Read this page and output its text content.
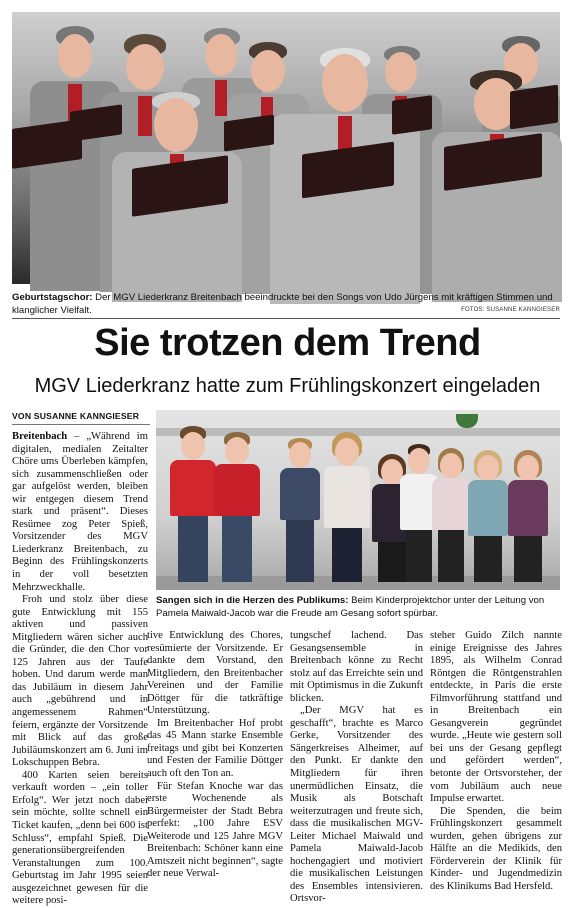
Geburtstagschor: Der MGV Liederkranz Breitenbach beeindruckte bei den Songs von Udo Jürgens mit kräftigen Stimmen und klanglicher Vielfalt.	FOTOS: SUSANNE KANNGIESER
Sie trotzen dem Trend
MGV Liederkranz hatte zum Frühlingskonzert eingeladen
VON SUSANNE KANNGIESER
Sangen sich in die Herzen des Publikums: Beim Kinderprojektchor unter der Leitung von Pamela Maiwald-Jacob war die Freude am Gesang sofort spürbar.

Breitenbach – „Während im digitalen, medialen Zeitalter Chöre ums Überleben kämpfen, sich zusammenschließen oder gar aufgelöst werden, bleiben wir entgegen diesem Trend stark und präsent“. Dieses Resümee zog Peter Spieß, Vorsitzender des MGV Liederkranz Breitenbach, zu Beginn des Frühlingskonzerts in der voll besetzten Mehrzweckhalle.

Froh und stolz über diese gute Entwicklung mit 155 aktiven und passiven Mitgliedern wären sicher auch die Gründer, die den Chor vor 125 Jahren aus der Taufe hoben. Und darum werde man das Jubiläum in diesem Jahr auch „gebührend und in angemessenem Rahmen“ feiern, ergänzte der Vorsitzende mit Blick auf das große Jubiläumskonzert am 6. Juni im Lokschuppen Bebra.

400 Karten seien bereits verkauft worden – „ein toller Erfolg“. Wer jetzt noch dabei sein möchte, sollte schnell ein Ticket kaufen, „denn bei 600 ist Schluss“, empfahl Spieß. Die generationsübergreifenden Veranstaltungen zum 100. Geburtstag im Jahr 1995 seien ausgezeichnet gewesen für die weitere posi-

tive Entwicklung des Chores, resümierte der Vorsitzende. Er dankte dem Vorstand, den Mitgliedern, den Breitenbacher Vereinen und der Familie Döttger für die tatkräftige Unterstützung.

Im Breitenbacher Hof probt das 45 Mann starke Ensemble freitags und gibt bei Konzerten und Festen der Familie Döttger auch oft den Ton an.

Für Stefan Knoche war das erste Wochenende als Bürgermeister der Stadt Bebra perfekt: „100 Jahre ESV Weiterode und 125 Jahre MGV Breitenbach: Schöner kann eine Amtszeit nicht beginnen“, sagte der neue Verwal-

tungschef lachend. Das Gesangsensemble in Breitenbach könne zu Recht stolz auf das Erreichte sein und mit Optimismus in die Zukunft blicken.

„Der MGV hat es geschafft“, brachte es Marco Gerke, Vorsitzender des Sängerkreises Alheimer, auf den Punkt. Er dankte den Mitgliedern für ihren unermüdlichen Einsatz, die Musik als Botschaft weiterzutragen und freute sich, dass die musikalischen MGV-Leiter Michael Maiwald und Pamela Maiwald-Jacob hochengagiert und motiviert die musikalischen Leistungen des Ensembles intensivieren. Ortsvor-

steher Guido Zilch nannte einige Ereignisse des Jahres 1895, als Wilhelm Conrad Röntgen die Röntgenstrahlen entdeckte, in Paris die erste Filmvorführung stattfand und in Breitenbach ein Gesangverein gegründet wurde. „Heute wie gestern soll bei uns der Gesang gepflegt und gefördert werden“, betonte der Ortsvorsteher, der vom Jubiläum auch neue Impulse erwartet.

Die Spenden, die beim Frühlingskonzert gesammelt wurden, gehen übrigens zur Hälfte an die Medikids, den Förderverein der Klinik für Kinder- und Jugendmedizin des Klinikums Bad Hersfeld.
